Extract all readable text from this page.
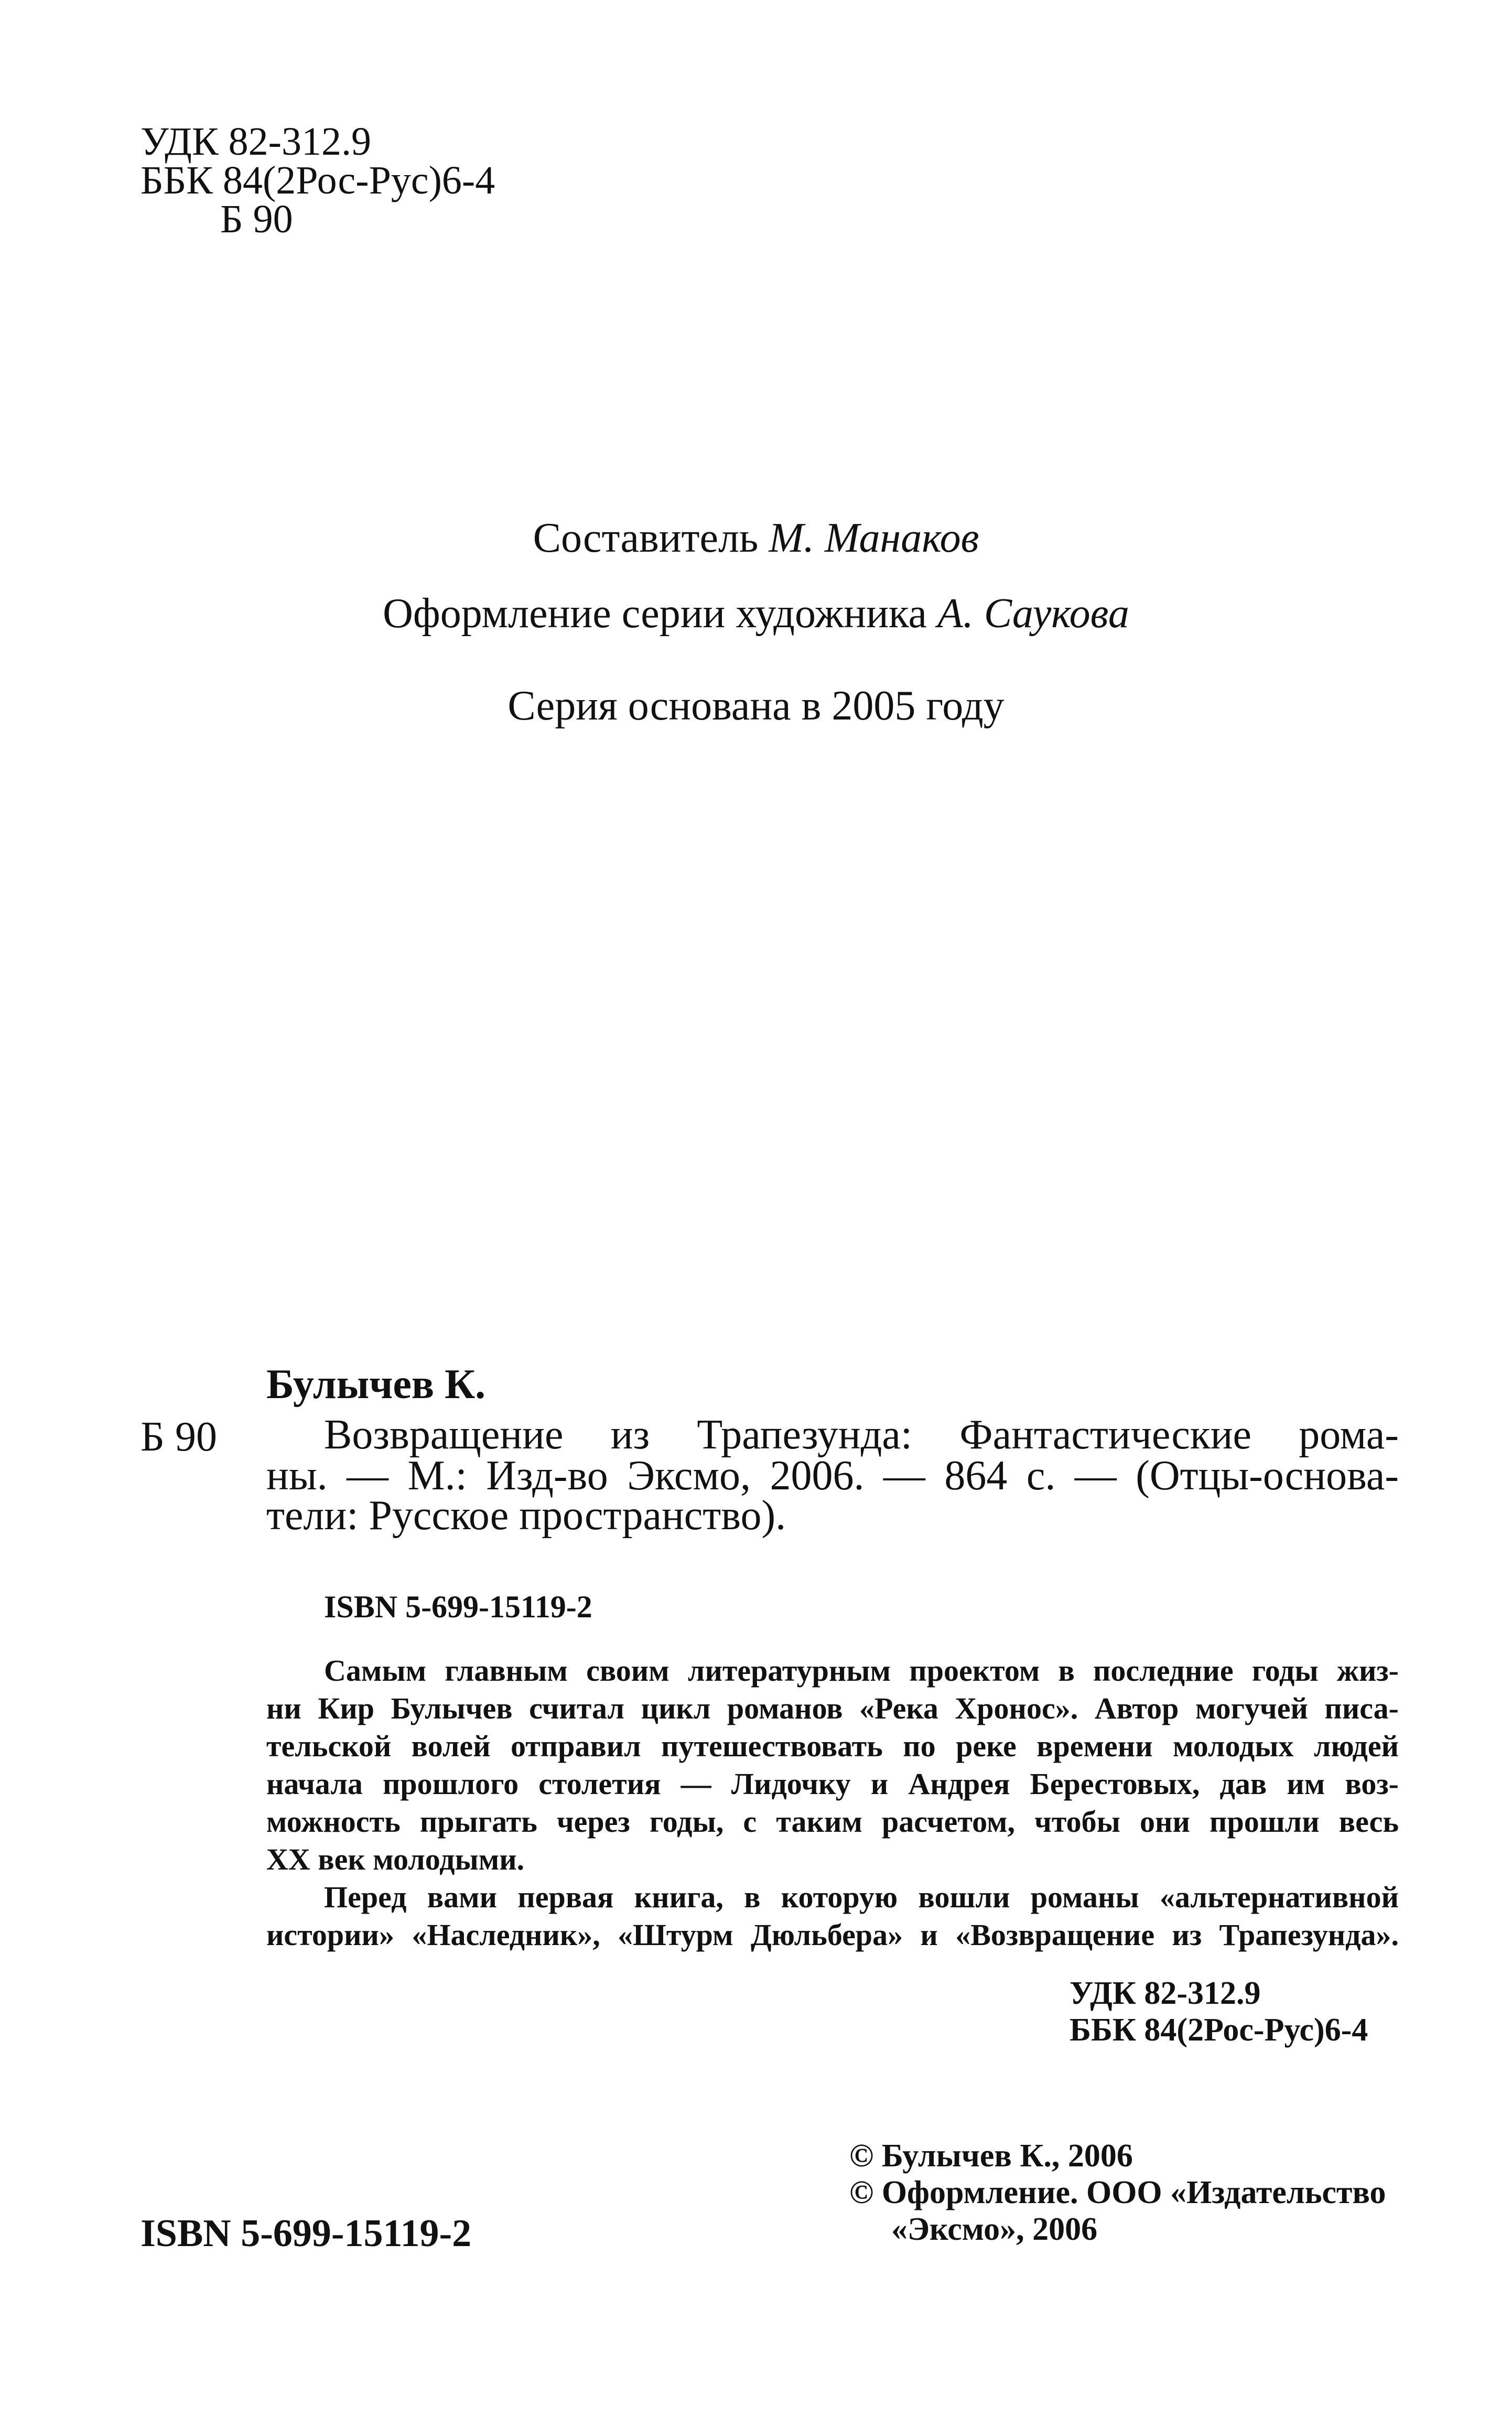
УДК 82-312.9
ББК 84(2Рос-Рус)6-4
Б 90
Составитель М. Манаков
Оформление серии художника А. Саукова
Серия основана в 2005 году
Булычев К.
Б 90	Возвращение из Трапезунда: Фантастические рома-
ны. — М.: Изд-во Эксмо, 2006. — 864 с. — (Отцы-основа-
тели: Русское пространство).
ISBN 5-699-15119-2
Самым главным своим литературным проектом в последние годы жиз-
ни Кир Булычев считал цикл романов «Река Хронос». Автор могучей писа-
тельской волей отправил путешествовать по реке времени молодых людей
начала прошлого столетия — Лидочку и Андрея Берестовых, дав им воз-
можность прыгать через годы, с таким расчетом, чтобы они прошли весь
XX век молодыми.
Перед вами первая книга, в которую вошли романы «альтернативной
истории» «Наследник», «Штурм Дюльбера» и «Возвращение из Трапезунда».
УДК 82-312.9
ББК 84(2Рос-Рус)6-4
© Булычев К., 2006
© Оформление. ООО «Издательство
«Эксмо», 2006
ISBN 5-699-15119-2
